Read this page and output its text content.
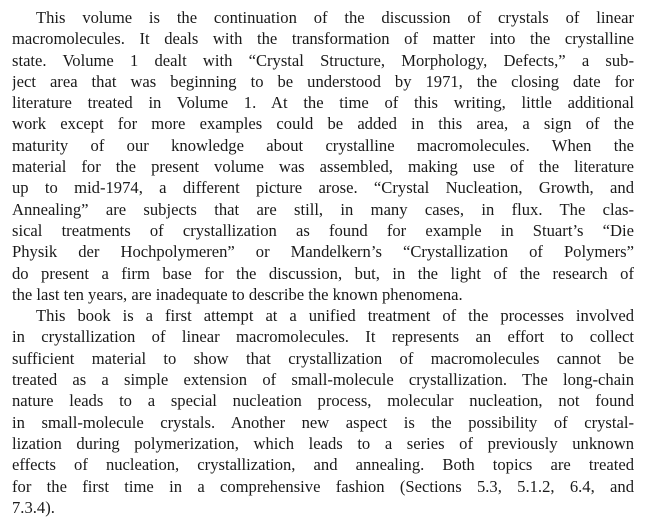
This volume is the continuation of the discussion of crystals of linear
macromolecules. It deals with the transformation of matter into the crystalline
state. Volume 1 dealt with “Crystal Structure, Morphology, Defects,” a sub-
ject area that was beginning to be understood by 1971, the closing date for
literature treated in Volume 1. At the time of this writing, little additional
work except for more examples could be added in this area, a sign of the
maturity of our knowledge about crystalline macromolecules. When the
material for the present volume was assembled, making use of the literature
up to mid-1974, a different picture arose. “Crystal Nucleation, Growth, and
Annealing” are subjects that are still, in many cases, in flux. The clas-
sical treatments of crystallization as found for example in Stuart’s “Die
Physik der Hochpolymeren” or Mandelkern’s “Crystallization of Polymers”
do present a firm base for the discussion, but, in the light of the research of
the last ten years, are inadequate to describe the known phenomena.
This book is a first attempt at a unified treatment of the processes involved
in crystallization of linear macromolecules. It represents an effort to collect
sufficient material to show that crystallization of macromolecules cannot be
treated as a simple extension of small-molecule crystallization. The long-chain
nature leads to a special nucleation process, molecular nucleation, not found
in small-molecule crystals. Another new aspect is the possibility of crystal-
lization during polymerization, which leads to a series of previously unknown
effects of nucleation, crystallization, and annealing. Both topics are treated
for the first time in a comprehensive fashion (Sections 5.3, 5.1.2, 6.4, and
7.3.4).
